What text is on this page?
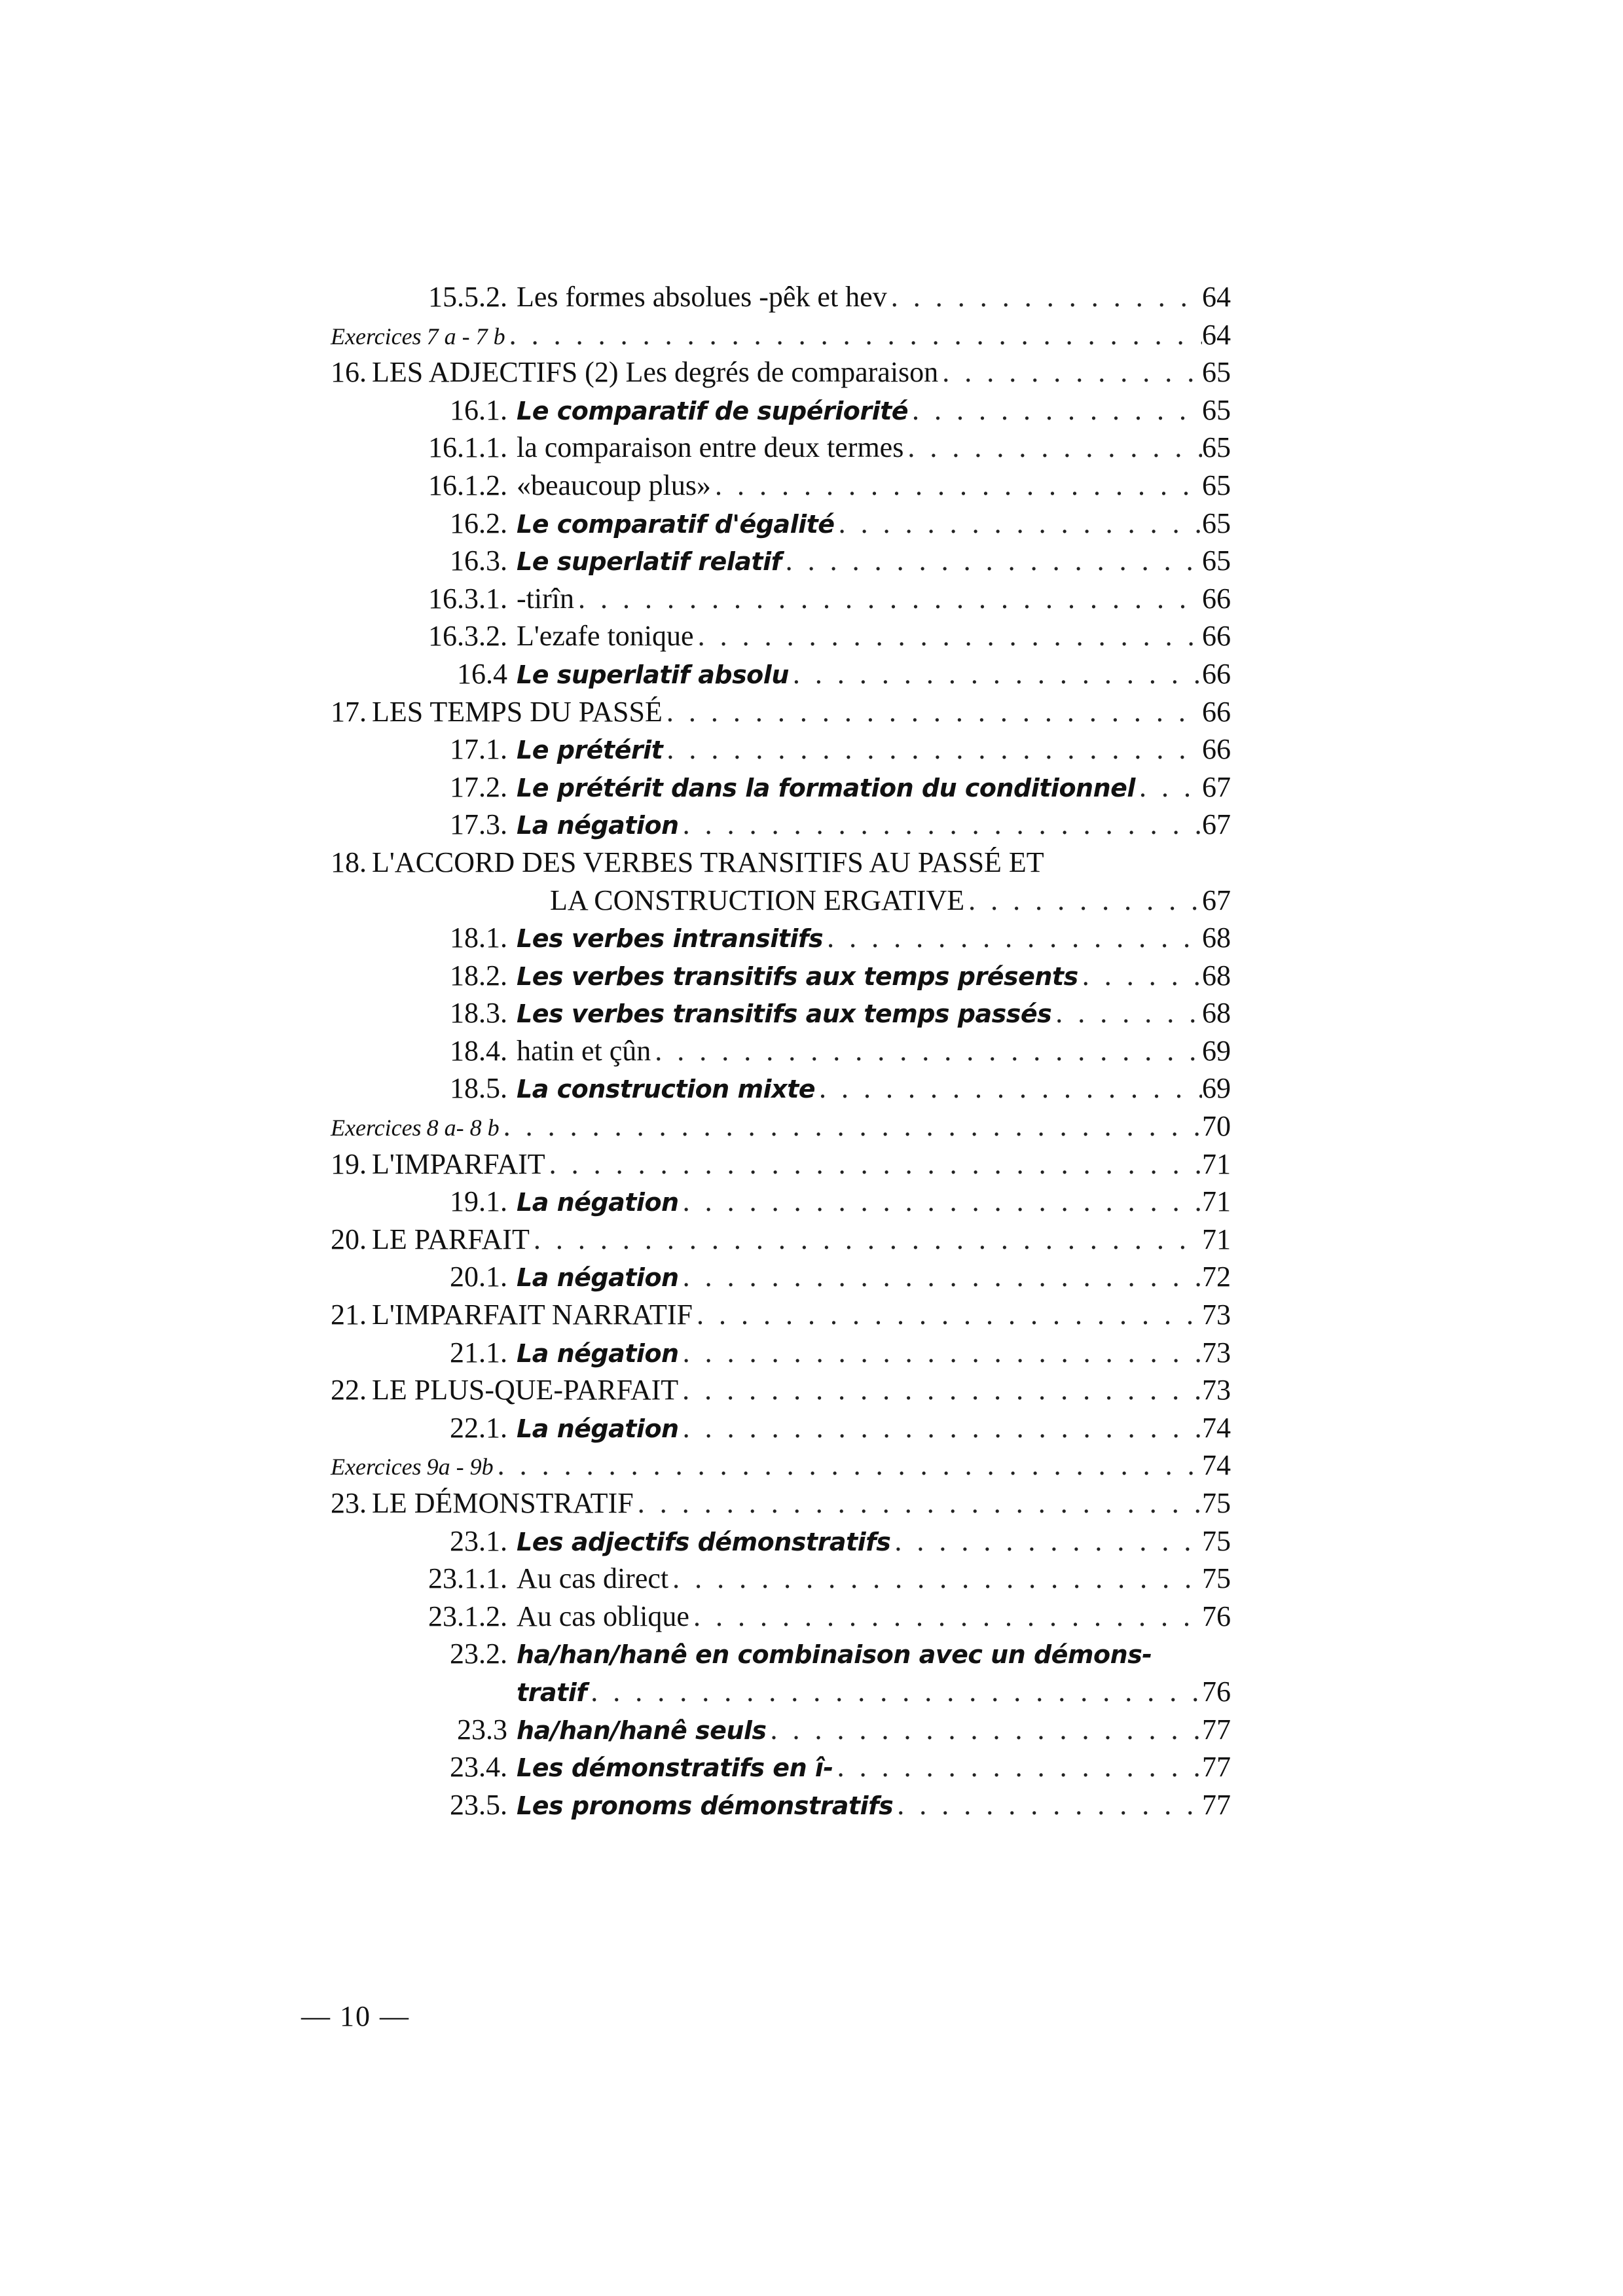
15.5.2. Les formes absolues -pêk et hev . . .	64
Exercices 7 a - 7 b . . .	64
16. LES ADJECTIFS (2) Les degrés de comparaison . . .	65
16.1. Le comparatif de supériorité . . .	65
16.1.1. la comparaison entre deux termes . . .	65
16.1.2. «beaucoup plus» . . .	65
16.2. Le comparatif d'égalité . . .	65
16.3. Le superlatif relatif . . .	65
16.3.1. -tirîn . . .	66
16.3.2. L'ezafe tonique . . .	66
16.4 Le superlatif absolu . . .	66
17. LES TEMPS DU PASSÉ . . .	66
17.1. Le prétérit . . .	66
17.2. Le prétérit dans la formation du conditionnel . . . 67
17.3. La négation . . .	67
18. L'ACCORD DES VERBES TRANSITIFS AU PASSÉ ET
LA CONSTRUCTION ERGATIVE . . .	67
18.1. Les verbes intransitifs . . .	68
18.2. Les verbes transitifs aux temps présents . . .	68
18.3. Les verbes transitifs aux temps passés . . .	68
18.4. hatin et çûn . . .	69
18.5. La construction mixte . . .	69
Exercices 8 a- 8 b . . .	70
19. L'IMPARFAIT . . .	71
19.1. La négation . . .	71
20. LE PARFAIT . . .	71
20.1. La négation . . .	72
21. L'IMPARFAIT NARRATIF . . .	73
21.1. La négation . . .	73
22. LE PLUS-QUE-PARFAIT . . .	73
22.1. La négation . . .	74
Exercices 9a - 9b . . .	74
23. LE DÉMONSTRATIF . . .	75
23.1. Les adjectifs démonstratifs . . .	75
23.1.1. Au cas direct . . .	75
23.1.2. Au cas oblique . . .	76
23.2. ha/han/hanê en combinaison avec un démons-
tratif . . .	76
23.3 ha/han/hanê seuls . . .	77
23.4. Les démonstratifs en î- . . .	77
23.5. Les pronoms démonstratifs . . .	77
— 10 —
